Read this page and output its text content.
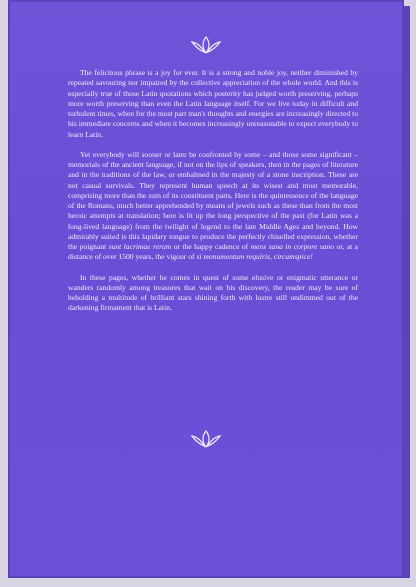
The felicitous phrase is a joy for ever. It is a strong and noble joy, neither diminished by repeated savouring nor impaired by the collective appreciation of the whole world. And this is especially true of those Latin quotations which posterity has judged worth preserving, perhaps more worth preserving than even the Latin language itself. For we live today in difficult and turbulent times, when for the most part man's thoughts and energies are increasingly directed to his immediate concerns and when it becomes increasingly unreasonable to expect everybody to learn Latin.

Yet everybody will sooner or later be confronted by some – and those some significant – memorials of the ancient language, if not on the lips of speakers, then in the pages of literature and in the traditions of the law, or embalmed in the majesty of a stone inscription. These are not casual survivals. They represent human speech at its wisest and most memorable, comprising more than the sum of its constituent parts. Here is the quintessence of the language of the Romans, much better apprehended by means of jewels such as these than from the most heroic attempts at translation; here is lit up the long perspective of the past (for Latin was a long-lived language) from the twilight of legend to the late Middle Ages and beyond. How admirably suited is this lapidary tongue to produce the perfectly chiselled expression, whether the poignant sunt lacrimae rerum or the happy cadence of mens sana in corpore sano or, at a distance of over 1500 years, the vigour of si monumentum requiris, circumspice!

In these pages, whether he comes in quest of some elusive or enigmatic utterance or wanders randomly among treasures that wait on his discovery, the reader may be sure of beholding a multitude of brilliant stars shining forth with lustre still undimmed out of the darkening firmament that is Latin.
